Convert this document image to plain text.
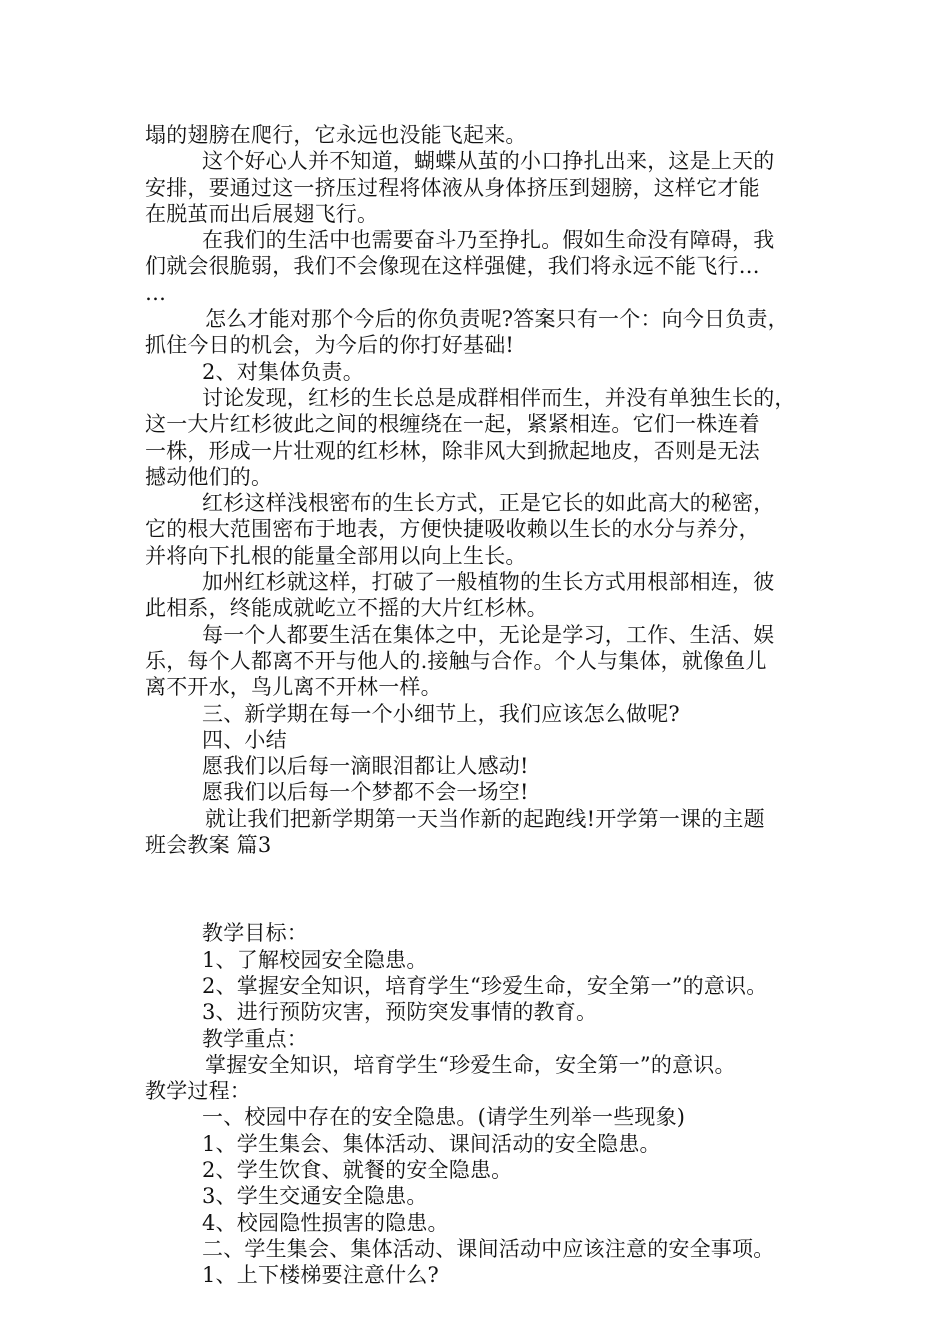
塌的翅膀在爬行，它永远也没能飞起来。
这个好心人并不知道，蝴蝶从茧的小口挣扎出来，这是上天的
安排，要通过这一挤压过程将体液从身体挤压到翅膀，这样它才能
在脱茧而出后展翅飞行。
在我们的生活中也需要奋斗乃至挣扎。假如生命没有障碍，我
们就会很脆弱，我们不会像现在这样强健，我们将永远不能飞行…
…
怎么才能对那个今后的你负责呢?答案只有一个：向今日负责，
抓住今日的机会，为今后的你打好基础!
2、对集体负责。
讨论发现，红杉的生长总是成群相伴而生，并没有单独生长的，
这一大片红杉彼此之间的根缠绕在一起，紧紧相连。它们一株连着
一株，形成一片壮观的红杉林，除非风大到掀起地皮，否则是无法
撼动他们的。
红杉这样浅根密布的生长方式，正是它长的如此高大的秘密，
它的根大范围密布于地表，方便快捷吸收赖以生长的水分与养分，
并将向下扎根的能量全部用以向上生长。
加州红杉就这样，打破了一般植物的生长方式用根部相连，彼
此相系，终能成就屹立不摇的大片红杉林。
每一个人都要生活在集体之中，无论是学习，工作、生活、娱
乐，每个人都离不开与他人的.接触与合作。个人与集体，就像鱼儿
离不开水，鸟儿离不开林一样。
三、新学期在每一个小细节上，我们应该怎么做呢?
四、小结
愿我们以后每一滴眼泪都让人感动!
愿我们以后每一个梦都不会一场空!
就让我们把新学期第一天当作新的起跑线!开学第一课的主题
班会教案 篇3
教学目标：
1、了解校园安全隐患。
2、掌握安全知识，培育学生“珍爱生命，安全第一”的意识。
3、进行预防灾害，预防突发事情的教育。
教学重点：
掌握安全知识，培育学生“珍爱生命，安全第一”的意识。
教学过程：
一、校园中存在的安全隐患。(请学生列举一些现象)
1、学生集会、集体活动、课间活动的安全隐患。
2、学生饮食、就餐的安全隐患。
3、学生交通安全隐患。
4、校园隐性损害的隐患。
二、学生集会、集体活动、课间活动中应该注意的安全事项。
1、上下楼梯要注意什么?
